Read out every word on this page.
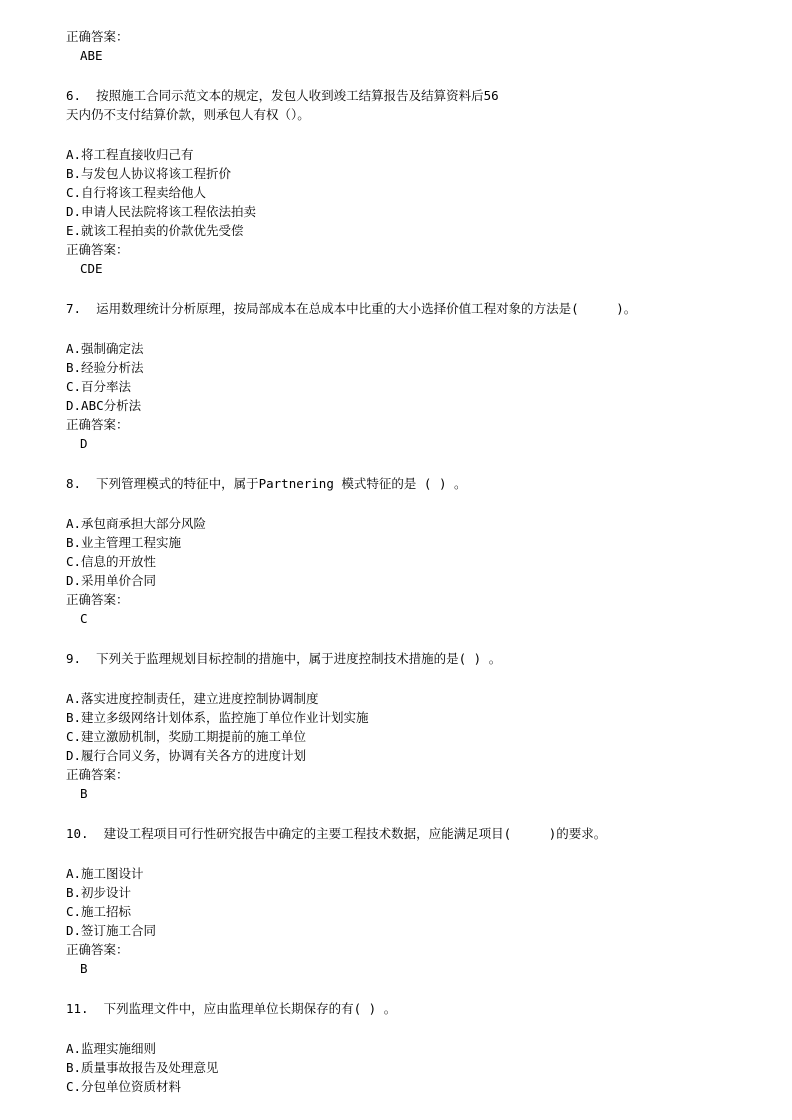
正确答案：
ABE
6.  按照施工合同示范文本的规定，发包人收到竣工结算报告及结算资料后56
天内仍不支付结算价款，则承包人有权（）。
A.将工程直接收归己有
B.与发包人协议将该工程折价
C.自行将该工程卖给他人
D.申请人民法院将该工程依法拍卖
E.就该工程拍卖的价款优先受偿
正确答案：
CDE
7.  运用数理统计分析原理，按局部成本在总成本中比重的大小选择价值工程对象的方法是(     )。
A.强制确定法
B.经验分析法
C.百分率法
D.ABC分析法
正确答案：
D
8.  下列管理模式的特征中，属于Partnering 模式特征的是 ( ) 。
A.承包商承担大部分风险
B.业主管理工程实施
C.信息的开放性
D.采用单价合同
正确答案：
C
9.  下列关于监理规划目标控制的措施中，属于进度控制技术措施的是( ) 。
A.落实进度控制责任，建立进度控制协调制度
B.建立多级网络计划体系，监控施丁单位作业计划实施
C.建立激励机制，奖励工期提前的施工单位
D.履行合同义务，协调有关各方的进度计划
正确答案：
B
10.  建设工程项目可行性研究报告中确定的主要工程技术数据，应能满足项目(     )的要求。
A.施工图设计
B.初步设计
C.施工招标
D.签订施工合同
正确答案：
B
11.  下列监理文件中，应由监理单位长期保存的有( ) 。
A.监理实施细则
B.质量事故报告及处理意见
C.分包单位资质材料
